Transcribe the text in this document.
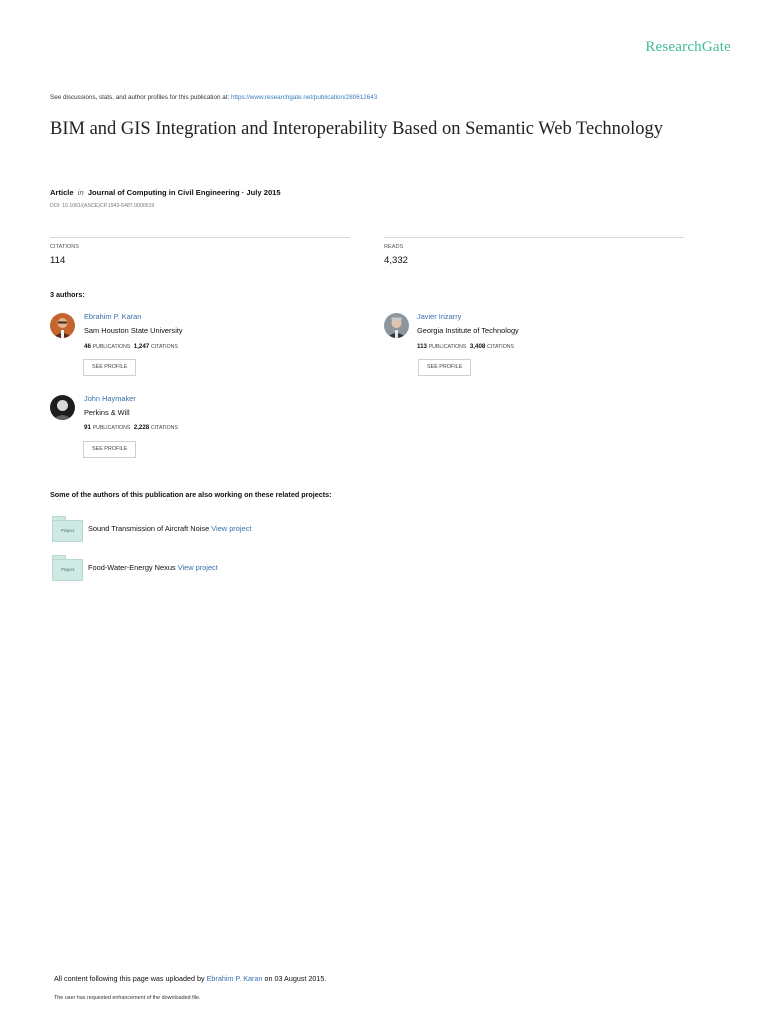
ResearchGate
See discussions, stats, and author profiles for this publication at: https://www.researchgate.net/publication/280612643
BIM and GIS Integration and Interoperability Based on Semantic Web Technology
Article in Journal of Computing in Civil Engineering · July 2015
DOI: 10.1061/(ASCE)CP.1943-5487.0000519
CITATIONS
114
READS
4,332
3 authors:
Ebrahim P. Karan
Sam Houston State University
46 PUBLICATIONS 1,247 CITATIONS
SEE PROFILE
Javier Irizarry
Georgia Institute of Technology
113 PUBLICATIONS 3,408 CITATIONS
SEE PROFILE
John Haymaker
Perkins & Will
91 PUBLICATIONS 2,228 CITATIONS
SEE PROFILE
Some of the authors of this publication are also working on these related projects:
Project	Sound Transmission of Aircraft Noise View project
Project	Food-Water-Energy Nexus View project
All content following this page was uploaded by Ebrahim P. Karan on 03 August 2015.
The user has requested enhancement of the downloaded file.
